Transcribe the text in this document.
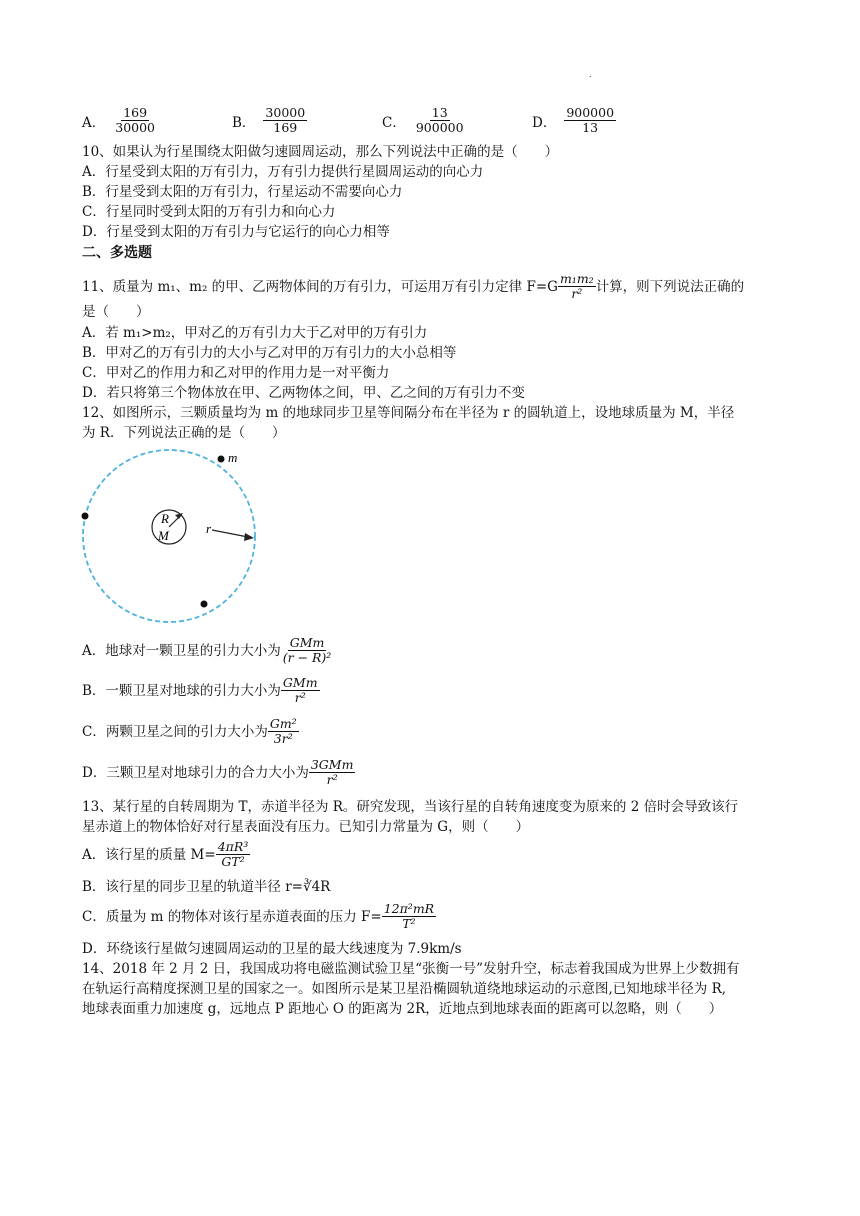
.
A． $\frac{169}{30000}$	B． $\frac{30000}{169}$	C． $\frac{13}{900000}$	D． $\frac{900000}{13}$
10、如果认为行星围绕太阳做匀速圆周运动，那么下列说法中正确的是（　　）
A．行星受到太阳的万有引力，万有引力提供行星圆周运动的向心力
B．行星受到太阳的万有引力，行星运动不需要向心力
C．行星同时受到太阳的万有引力和向心力
D．行星受到太阳的万有引力与它运行的向心力相等
二、多选题
11、质量为 m₁、m₂ 的甲、乙两物体间的万有引力，可运用万有引力定律 $F=G \frac{\text{m₁m₂}}{\text{r²}}$ 计算，则下列说法正确的
是（　　）
A．若 m₁>m₂，甲对乙的万有引力大于乙对甲的万有引力
B．甲对乙的万有引力的大小与乙对甲的万有引力的大小总相等
C．甲对乙的作用力和乙对甲的作用力是一对平衡力
D．若只将第三个物体放在甲、乙两物体之间，甲、乙之间的万有引力不变
12、如图所示，三颗质量均为 m 的地球同步卫星等间隔分布在半径为 r 的圆轨道上，设地球质量为 M，半径
为 R．下列说法正确的是（　　）
m
R
M	r
A．地球对一颗卫星的引力大小为 $\frac{\text{GMm}}{\text{(r − R)²}}$
B．一颗卫星对地球的引力大小为 $\frac{\text{GMm}}{\text{r²}}$
C．两颗卫星之间的引力大小为 $\frac{\text{Gm²}}{\text{3r²}}$
D．三颗卫星对地球引力的合力大小为 $\frac{\text{3GMm}}{\text{r²}}$
13、某行星的自转周期为 T，赤道半径为 R。研究发现，当该行星的自转角速度变为原来的 2 倍时会导致该行
星赤道上的物体恰好对行星表面没有压力。已知引力常量为 G，则（　　）
A．该行星的质量 $M= \frac{\text{4πR³}}{\text{GT²}}$
B．该行星的同步卫星的轨道半径 r=∛4R
C．质量为 m 的物体对该行星赤道表面的压力 $F= \frac{\text{12π²mR}}{\text{T²}}$
D．环绕该行星做匀速圆周运动的卫星的最大线速度为 7.9km/s
14、2018 年 2 月 2 日，我国成功将电磁监测试验卫星“张衡一号”发射升空，标志着我国成为世界上少数拥有
在轨运行高精度探测卫星的国家之一。如图所示是某卫星沿椭圆轨道绕地球运动的示意图,已知地球半径为 R,
地球表面重力加速度 g，远地点 P 距地心 O 的距离为 2R，近地点到地球表面的距离可以忽略，则（　　）
